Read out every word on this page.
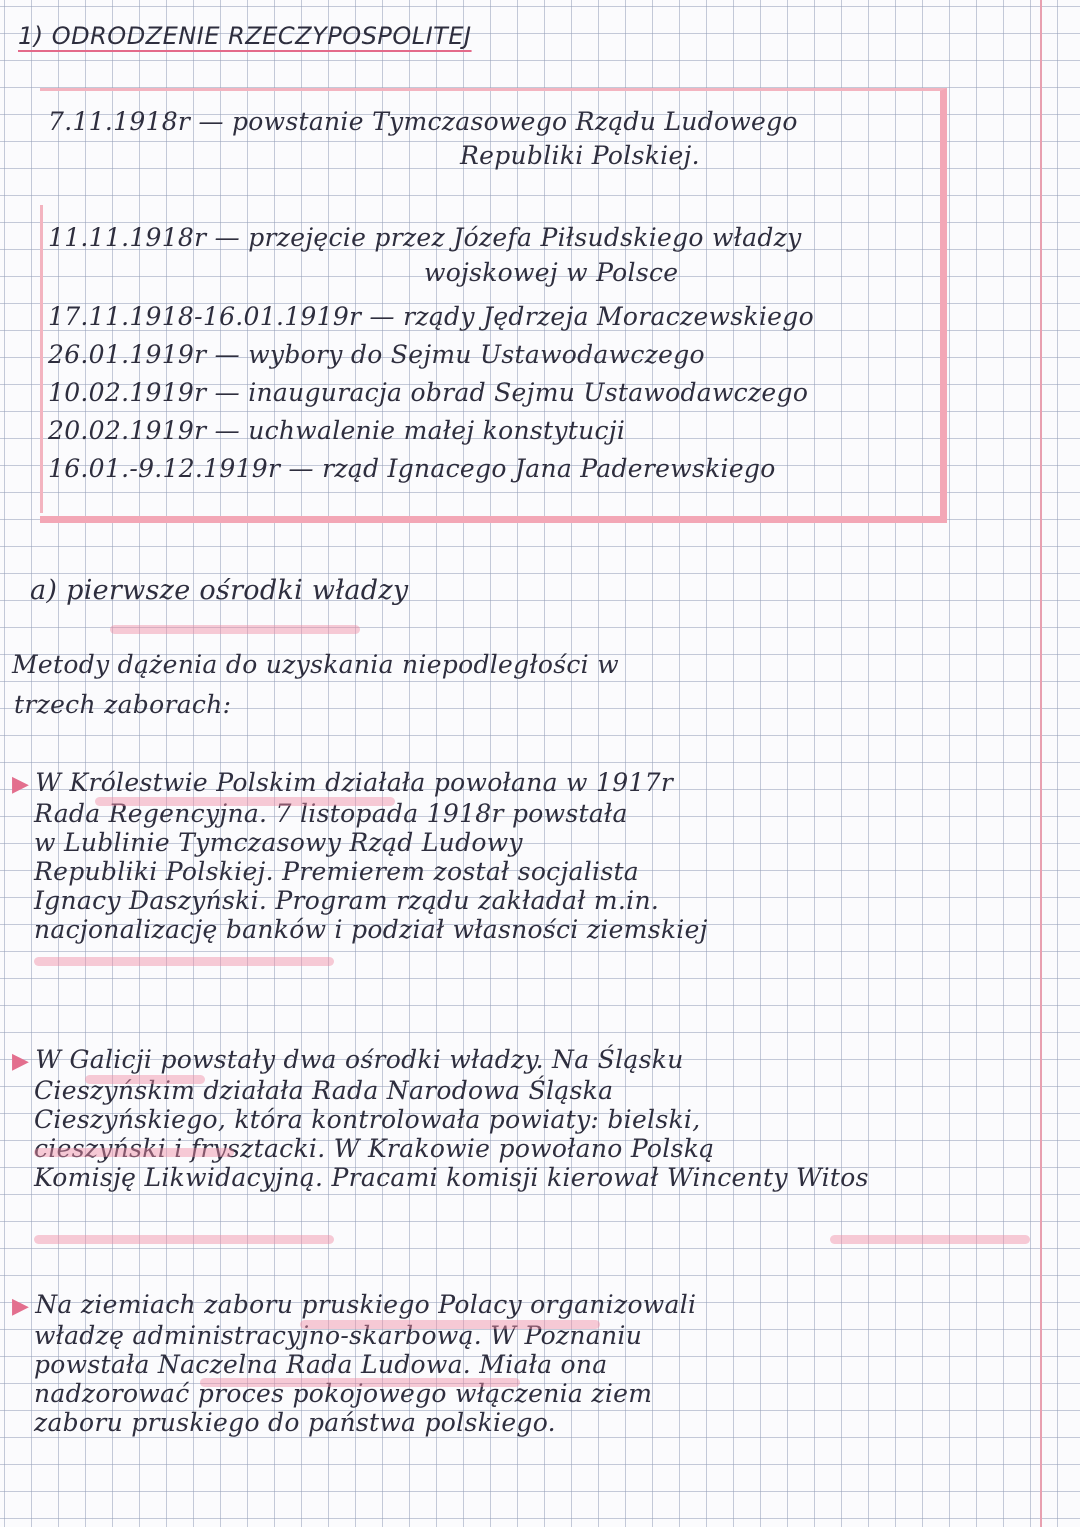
1) ODRODZENIE RZECZYPOSPOLITEJ
7.11.1918r — powstanie Tymczasowego Rządu Ludowego
Republiki Polskiej.
11.11.1918r — przejęcie przez Józefa Piłsudskiego władzy
wojskowej w Polsce
17.11.1918-16.01.1919r — rządy Jędrzeja Moraczewskiego
26.01.1919r — wybory do Sejmu Ustawodawczego
10.02.1919r — inauguracja obrad Sejmu Ustawodawczego
20.02.1919r — uchwalenie małej konstytucji
16.01.-9.12.1919r — rząd Ignacego Jana Paderewskiego
a) pierwsze ośrodki władzy
Metody dążenia do uzyskania niepodległości w
trzech zaborach:

▶ W Królestwie Polskim działała powołana w 1917r

Rada Regencyjna. 7 listopada 1918r powstała

w Lublinie Tymczasowy Rząd Ludowy

Republiki Polskiej. Premierem został socjalista

Ignacy Daszyński. Program rządu zakładał m.in.

nacjonalizację banków i podział własności ziemskiej

▶ W Galicji powstały dwa ośrodki władzy. Na Śląsku

Cieszyńskim działała Rada Narodowa Śląska

Cieszyńskiego, która kontrolowała powiaty: bielski,

cieszyński i frysztacki. W Krakowie powołano Polską

Komisję Likwidacyjną. Pracami komisji kierował Wincenty Witos

▶ Na ziemiach zaboru pruskiego Polacy organizowali

władzę administracyjno-skarbową. W Poznaniu

powstała Naczelna Rada Ludowa. Miała ona

nadzorować proces pokojowego włączenia ziem

zaboru pruskiego do państwa polskiego.
